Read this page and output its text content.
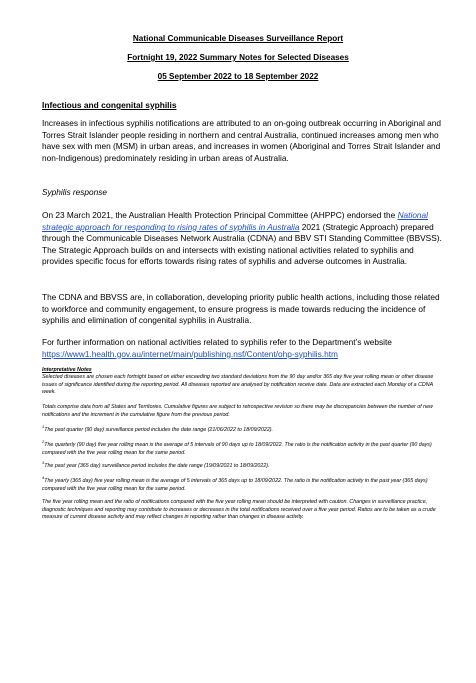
National Communicable Diseases Surveillance Report
Fortnight 19, 2022 Summary Notes for Selected Diseases
05 September 2022 to 18 September 2022
Infectious and congenital syphilis
Increases in infectious syphilis notifications are attributed to an on-going outbreak occurring in Aboriginal and Torres Strait Islander people residing in northern and central Australia, continued increases among men who have sex with men (MSM) in urban areas, and increases in women (Aboriginal and Torres Strait Islander and non-Indigenous) predominately residing in urban areas of Australia.
Syphilis response
On 23 March 2021, the Australian Health Protection Principal Committee (AHPPC) endorsed the National strategic approach for responding to rising rates of syphilis in Australia 2021 (Strategic Approach) prepared through the Communicable Diseases Network Australia (CDNA) and BBV STI Standing Committee (BBVSS). The Strategic Approach builds on and intersects with existing national activities related to syphilis and provides specific focus for efforts towards rising rates of syphilis and adverse outcomes in Australia.
The CDNA and BBVSS are, in collaboration, developing priority public health actions, including those related to workforce and community engagement, to ensure progress is made towards reducing the incidence of syphilis and elimination of congenital syphilis in Australia.
For further information on national activities related to syphilis refer to the Department’s website https://www1.health.gov.au/internet/main/publishing.nsf/Content/ohp-syphilis.htm
Interpretative Notes
Selected diseases are chosen each fortnight based on either exceeding two standard deviations from the 90 day and/or 365 day five year rolling mean or other disease issues of significance identified during the reporting period. All diseases reported are analysed by notification receive date. Data are extracted each Monday of a CDNA week.
Totals comprise data from all States and Territories. Cumulative figures are subject to retrospective revision so there may be discrepancies between the number of new notifications and the increment in the cumulative figure from the previous period.
$^1$The past quarter (90 day) surveillance period includes the date range (21/06/2022 to 18/09/2022).
$^2$The quarterly (90 day) five year rolling mean is the average of 5 intervals of 90 days up to 18/09/2022. The ratio is the notification activity in the past quarter (90 days) compared with the five year rolling mean for the same period.
$^3$The past year (365 day) surveillance period includes the date range (19/09/2021 to 18/09/2022).
$^4$The yearly (365 day) five year rolling mean is the average of 5 intervals of 365 days up to 18/09/2022. The ratio is the notification activity in the past year (365 days) compared with the five year rolling mean for the same period.
The five year rolling mean and the ratio of notifications compared with the five year rolling mean should be interpreted with caution. Changes in surveillance practice, diagnostic techniques and reporting may contribute to increases or decreases in the total notifications received over a five year period. Ratios are to be taken as a crude measure of current disease activity and may reflect changes in reporting rather than changes in disease activity.
